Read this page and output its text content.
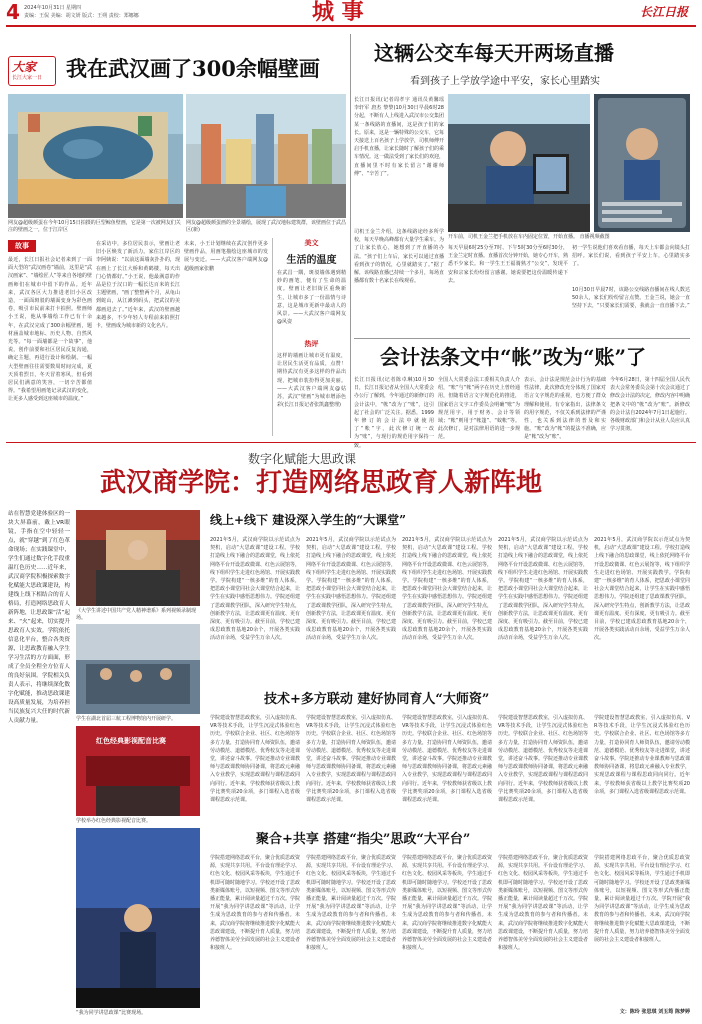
4 2024年10月31日 星期四
责编：王侃 美编：胡文妍 版式：王朔 责校：郑娜娜	城 事	长江日报
大家
长江大家一日 我在武汉画了300余幅壁画
网友@超级颜蛋在今年10月15日拍摄的巨型鲸鱼壁画，它是第一次被网友们关注的壁画之一，位于江岸区
网友@超级颜蛋画的全景墙绘，展现了武汉地标建筑群，该壁画位于武昌区(新)
故事
最近，长江日报社会记者来到了一面面大型的“武汉画卷”墙前，这里是“武汉画家”、“墙绘匠人”等来自各地的壁画师们在城市中留下的作品。近年来，武汉各区大力推进老旧小区改造，一面面斑驳的墙面变身为彩色画卷，吸引市民前来打卡拍照。壁画师小王说，他从事墙绘工作已有十余年，在武汉完成了300余幅壁画，题材涵盖城市地标、历史人物、自然风光等。“每一面墙都是一个故事”，他说，创作前要和社区居民反复沟通，确定主题，再进行设计和绘制。一幅大型壁画往往需要数周时间完成，夏天顶着烈日，冬天冒着寒风，但看到居民们满意的笑容，一切辛苦都值得。“我希望用画笔记录武汉的变化，让更多人感受到这座城市的温度。”
在采访中，多位居民表示，壁画让老旧小区焕发了新活力。家住江岸区的李阿姨说：“以前这面墙灰扑扑的，现在画上了长江大桥和黄鹤楼，每天出门心情都好。”小王说，他最满意的作品是位于汉口的一幅长达百米的长江主题壁画，“画了整整两个月，从龟山到蛇山，从江滩到码头，把武汉的美都画进去了。”近年来，武汉的壁画越来越多，不少年轻人专程前来拍照打卡，壁画成为城市新的文化名片。
未来，小王计划继续在武汉创作更多壁画作品，用画笔描绘这座城市的发展与变迁。——大武汉客户端网友@超级画家张鹏
美文
生活的温度
在武昌一隅，斑驳墙体遇到精妙的画笔，便有了生命的温度。壁画让老旧街区重焕新生，让城市多了一份温情与诗意，这是城市更新中最动人的风景。——大武汉客户端网友@风姿
热评
这样的墙画让城市更有温度，让居民生活更有品质，点赞！期待武汉有更多这样的作品出现，把城市装扮得更加美丽。——大武汉客户端网友@姑苏，武汉“壁画”为城市增添色彩(长江日报记者张凯鑫整理)
这辆公交车每天开两场直播
看到孩子上学放学途中平安，家长心里踏实
长江日报讯(记者周孝宇 通讯员黄馨瑶 李轩军 唐杰 黎黎)10月30日早晨6时28分起，不断有人上线进入武汉市公交集团某一条线路的直播间，这是孩子们的家长。原来，这是一辆特殊的公交车，它每天接送上百名孩子上学放学，司机师傅开启手机直播，让家长随时了解孩子们的乘车情况。这一做法受到了家长们的欢迎，直播间里不时有家长留言“谢谢师傅”、“辛苦了”。
司机王金兰介绍，这条线路途经多所学校，每天早晚高峰都有大量学生乘车。为了让家长放心，她想到了开直播的办法。“孩子们上车后，家长可以通过直播看到孩子的情况，心里就踏实了。”据了解，该线路直播已持续一个多月，每场直播都有数十名家长在线观看。
开车前，司机王金兰把手机放在车内固定位置，开始直播。 直播视频截图
每天早晨6时25分至7时、下午5时30分至6时30分，王金兰定时直播。直播首次分钟开始，她专心开车，熟悉不少家长。和一学生王王福骑熟才“公交”，发现平安和宗家长纷纷留言感谢。她说要把这份温暖传递下去。
初一学生说他们喜欢看直播，每天上车都会向镜头打招呼。家长们说，看到孩子平安上车，心里踏实多了。
10月30日早晨7时，该路公交线路直播间在线人数达50余人，家长们纷纷留言点赞。王金兰说，她会一直坚持下去，“只要家长们需要，我就会一直直播下去。”
会计法条文中“帐”改为“账”了
长江日报讯(记者陈卓琳)10月30日，长江日报记者从全国人大常委会办公厅了解到，今年通过的新修订的会计法中，“帐”改为了“账”，这引起了社会的广泛关注。据悉，1999年修订的会计法中就使用了“帐”字，此次修订统一改为“账”，与现行的规范用字保持一致。
全国人大常委会法工委相关负责人介绍，“账”与“帐”两字在历史上曾经通用，但随着语言文字规范化的推进，国家语言文字工作委员会明确“账”为规范用字，用于财务、会计等领域；“帐”则用于“帐篷”、“蚊帐”等。此次修订，是对法律用语的进一步规范。
表示，会计法是规范会计行为的基础性法律，此次修改充分体现了国家对语言文字规范的重视，也方便了群众理解和使用。有专家指出，法律条文的用字规范，不仅关系到法律的严谨性，也关系到法律的普及和实施。“账”改为“帐”的提法不准确，应是“帐”改为“账”。
今年6月28日，第十四届全国人民代表大会常务委员会第十次会议通过了修改会计法的决定，修改内容中明确把条文中的“帐”改为“账”。新修改的会计法自2024年7月1日起施行。各级财政部门和会计从业人员应认真学习贯彻。
数字化赋能大思政课
武汉商学院：打造网络思政育人新阵地
站在智慧党建体验区的一块大屏幕前，戴上VR眼镜，手指在空中轻轻一点，就“穿越”到了红色革命现场；在实践课堂中，学生们通过数字化手段重温红色历史……近年来，武汉商学院积极探索数字化赋能大思政课建设，构建线上线下相结合的育人格局，打造网络思政育人新阵地，让思政课“活”起来、“火”起来，切实提升思政育人实效。学院依托信息化平台，整合各类资源，让思政教育融入学生学习生活的方方面面，形成了全员全程全方位育人的良好氛围。学院相关负责人表示，将继续深化数字化赋能，推动思政课建设高质量发展，为培养担当民族复兴大任的时代新人贡献力量。
《大学生讲述中国共产党人精神谱系》系列视频录制现场。
学生在湖北首届三航工程博物馆内开展研学。
红色经典影视配音比赛
学校举办红色经典影视配音比赛。
“我为同学讲思政课”比赛现场。
线上+线下 建设深入学生的“大课堂”
2021年5月，武汉商学院以示范试点为契机，启动“大思政课”建设工程。学校打造线上线下融合的思政课堂，线上依托网络平台开设思政微课、红色云展馆等，线下组织学生走进红色场馆、开展实践教学。学院构建“一核多维”的育人体系，把思政小课堂同社会大课堂结合起来，让学生在实践中感悟思想伟力。学院还组建了思政课教学团队，深入研究学生特点，创新教学方法，让思政课更有温度、更有深度、更有吸引力。截至目前，学校已建成思政教育基地20余个，开展各类实践活动百余场，受益学生万余人次。
2021年5月，武汉商学院以示范试点为契机，启动“大思政课”建设工程。学校打造线上线下融合的思政课堂，线上依托网络平台开设思政微课、红色云展馆等，线下组织学生走进红色场馆、开展实践教学。学院构建“一核多维”的育人体系，把思政小课堂同社会大课堂结合起来，让学生在实践中感悟思想伟力。学院还组建了思政课教学团队，深入研究学生特点，创新教学方法，让思政课更有温度、更有深度、更有吸引力。截至目前，学校已建成思政教育基地20余个，开展各类实践活动百余场，受益学生万余人次。
2021年5月，武汉商学院以示范试点为契机，启动“大思政课”建设工程。学校打造线上线下融合的思政课堂，线上依托网络平台开设思政微课、红色云展馆等，线下组织学生走进红色场馆、开展实践教学。学院构建“一核多维”的育人体系，把思政小课堂同社会大课堂结合起来，让学生在实践中感悟思想伟力。学院还组建了思政课教学团队，深入研究学生特点，创新教学方法，让思政课更有温度、更有深度、更有吸引力。截至目前，学校已建成思政教育基地20余个，开展各类实践活动百余场，受益学生万余人次。
2021年5月，武汉商学院以示范试点为契机，启动“大思政课”建设工程。学校打造线上线下融合的思政课堂，线上依托网络平台开设思政微课、红色云展馆等，线下组织学生走进红色场馆、开展实践教学。学院构建“一核多维”的育人体系，把思政小课堂同社会大课堂结合起来，让学生在实践中感悟思想伟力。学院还组建了思政课教学团队，深入研究学生特点，创新教学方法，让思政课更有温度、更有深度、更有吸引力。截至目前，学校已建成思政教育基地20余个，开展各类实践活动百余场，受益学生万余人次。
2021年5月，武汉商学院以示范试点为契机，启动“大思政课”建设工程。学校打造线上线下融合的思政课堂，线上依托网络平台开设思政微课、红色云展馆等，线下组织学生走进红色场馆、开展实践教学。学院构建“一核多维”的育人体系，把思政小课堂同社会大课堂结合起来，让学生在实践中感悟思想伟力。学院还组建了思政课教学团队，深入研究学生特点，创新教学方法，让思政课更有温度、更有深度、更有吸引力。截至目前，学校已建成思政教育基地20余个，开展各类实践活动百余场，受益学生万余人次。
技术+多方联动 建好协同育人“大师资”
学院建设智慧思政教室，引入虚拟仿真、VR等技术手段，让学生沉浸式体验红色历史。学校联合企业、社区、红色场馆等多方力量，打造协同育人师资队伍，邀请劳动模范、道德模范、优秀校友等走进课堂，讲述奋斗故事。学院还推动专业课教师与思政课教师协同备课，将思政元素融入专业教学，实现思政课程与课程思政同向同行。近年来，学校教师获省级以上教学比赛奖项20余项，多门课程入选省级课程思政示范课。
学院建设智慧思政教室，引入虚拟仿真、VR等技术手段，让学生沉浸式体验红色历史。学校联合企业、社区、红色场馆等多方力量，打造协同育人师资队伍，邀请劳动模范、道德模范、优秀校友等走进课堂，讲述奋斗故事。学院还推动专业课教师与思政课教师协同备课，将思政元素融入专业教学，实现思政课程与课程思政同向同行。近年来，学校教师获省级以上教学比赛奖项20余项，多门课程入选省级课程思政示范课。
学院建设智慧思政教室，引入虚拟仿真、VR等技术手段，让学生沉浸式体验红色历史。学校联合企业、社区、红色场馆等多方力量，打造协同育人师资队伍，邀请劳动模范、道德模范、优秀校友等走进课堂，讲述奋斗故事。学院还推动专业课教师与思政课教师协同备课，将思政元素融入专业教学，实现思政课程与课程思政同向同行。近年来，学校教师获省级以上教学比赛奖项20余项，多门课程入选省级课程思政示范课。
学院建设智慧思政教室，引入虚拟仿真、VR等技术手段，让学生沉浸式体验红色历史。学校联合企业、社区、红色场馆等多方力量，打造协同育人师资队伍，邀请劳动模范、道德模范、优秀校友等走进课堂，讲述奋斗故事。学院还推动专业课教师与思政课教师协同备课，将思政元素融入专业教学，实现思政课程与课程思政同向同行。近年来，学校教师获省级以上教学比赛奖项20余项，多门课程入选省级课程思政示范课。
学院建设智慧思政教室，引入虚拟仿真、VR等技术手段，让学生沉浸式体验红色历史。学校联合企业、社区、红色场馆等多方力量，打造协同育人师资队伍，邀请劳动模范、道德模范、优秀校友等走进课堂，讲述奋斗故事。学院还推动专业课教师与思政课教师协同备课，将思政元素融入专业教学，实现思政课程与课程思政同向同行。近年来，学校教师获省级以上教学比赛奖项20余项，多门课程入选省级课程思政示范课。
聚合+共享 搭建“指尖”思政“大平台”
学院搭建网络思政平台，聚合优质思政资源，实现共享共用。平台设有理论学习、红色文化、校园风采等板块，学生通过手机即可随时随地学习。学校还开设了思政类新媒体账号，以短视频、图文等形式传播正能量，累计阅读量超过千万次。学院开展“我为同学讲思政课”等活动，让学生成为思政教育的参与者和传播者。未来，武汉商学院将继续推进数字化赋能大思政课建设，不断提升育人质量，努力培养德智体美劳全面发展的社会主义建设者和接班人。
学院搭建网络思政平台，聚合优质思政资源，实现共享共用。平台设有理论学习、红色文化、校园风采等板块，学生通过手机即可随时随地学习。学校还开设了思政类新媒体账号，以短视频、图文等形式传播正能量，累计阅读量超过千万次。学院开展“我为同学讲思政课”等活动，让学生成为思政教育的参与者和传播者。未来，武汉商学院将继续推进数字化赋能大思政课建设，不断提升育人质量，努力培养德智体美劳全面发展的社会主义建设者和接班人。
学院搭建网络思政平台，聚合优质思政资源，实现共享共用。平台设有理论学习、红色文化、校园风采等板块，学生通过手机即可随时随地学习。学校还开设了思政类新媒体账号，以短视频、图文等形式传播正能量，累计阅读量超过千万次。学院开展“我为同学讲思政课”等活动，让学生成为思政教育的参与者和传播者。未来，武汉商学院将继续推进数字化赋能大思政课建设，不断提升育人质量，努力培养德智体美劳全面发展的社会主义建设者和接班人。
学院搭建网络思政平台，聚合优质思政资源，实现共享共用。平台设有理论学习、红色文化、校园风采等板块，学生通过手机即可随时随地学习。学校还开设了思政类新媒体账号，以短视频、图文等形式传播正能量，累计阅读量超过千万次。学院开展“我为同学讲思政课”等活动，让学生成为思政教育的参与者和传播者。未来，武汉商学院将继续推进数字化赋能大思政课建设，不断提升育人质量，努力培养德智体美劳全面发展的社会主义建设者和接班人。
学院搭建网络思政平台，聚合优质思政资源，实现共享共用。平台设有理论学习、红色文化、校园风采等板块，学生通过手机即可随时随地学习。学校还开设了思政类新媒体账号，以短视频、图文等形式传播正能量，累计阅读量超过千万次。学院开展“我为同学讲思政课”等活动，让学生成为思政教育的参与者和传播者。未来，武汉商学院将继续推进数字化赋能大思政课建设，不断提升育人质量，努力培养德智体美劳全面发展的社会主义建设者和接班人。
文：陈玲 张思琪 刘玉筠 陈梦婷
